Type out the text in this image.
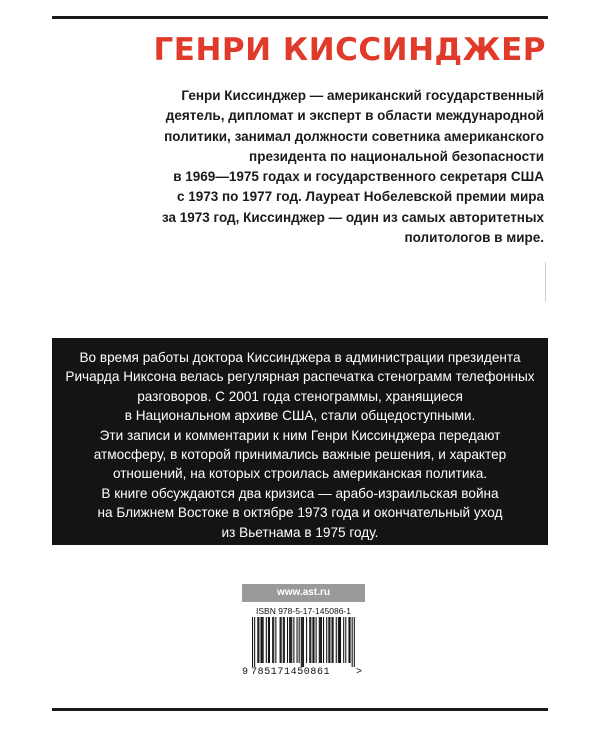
ГЕНРИ КИССИНДЖЕР
Генри Киссинджер — американский государственный
деятель, дипломат и эксперт в области международной
политики, занимал должности советника американского
президента по национальной безопасности
в 1969—1975 годах и государственного секретаря США
с 1973 по 1977 год. Лауреат Нобелевской премии мира
за 1973 год, Киссинджер — один из самых авторитетных
политологов в мире.
Во время работы доктора Киссинджера в администрации президента
Ричарда Никсона велась регулярная распечатка стенограмм телефонных
разговоров. С 2001 года стенограммы, хранящиеся
в Национальном архиве США, стали общедоступными.
Эти записи и комментарии к ним Генри Киссинджера передают
атмосферу, в которой принимались важные решения, и характер
отношений, на которых строилась американская политика.
В книге обсуждаются два кризиса — арабо-израильская война
на Ближнем Востоке в октябре 1973 года и окончательный уход
из Вьетнама в 1975 году.
www.ast.ru
ISBN 978-5-17-145086-1
9 785171450861	>
